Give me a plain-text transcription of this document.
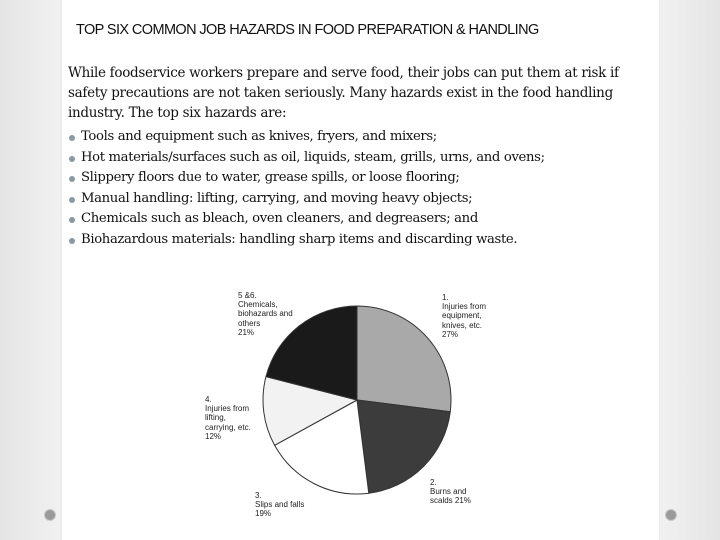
TOP SIX COMMON JOB HAZARDS IN FOOD PREPARATION & HANDLING

While foodservice workers prepare and serve food, their jobs can put them at risk if safety precautions are not taken seriously. Many hazards exist in the food handling industry. The top six hazards are:

Tools and equipment such as knives, fryers, and mixers;
Hot materials/surfaces such as oil, liquids, steam, grills, urns, and ovens;
Slippery floors due to water, grease spills, or loose flooring;
Manual handling: lifting, carrying, and moving heavy objects;
Chemicals such as bleach, oven cleaners, and degreasers; and
Biohazardous materials: handling sharp items and discarding waste.
1.
Injuries from
equipment,
knives, etc.
27%
2.
Burns and
scalds 21%
3.
Slips and falls
19%
4.
Injuries from
lifting,
carrying, etc.
12%
5 &6.
Chemicals,
biohazards and
others
21%
